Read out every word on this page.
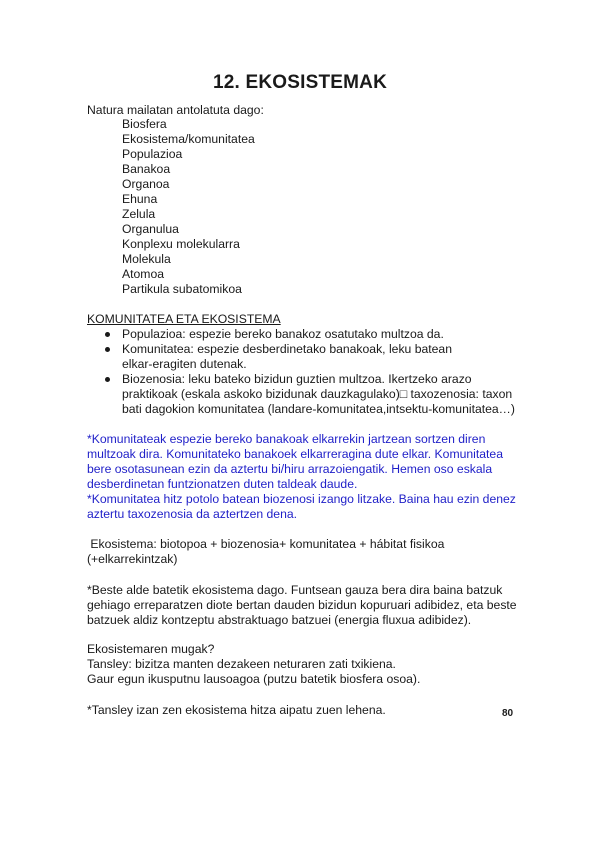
12. EKOSISTEMAK
Natura mailatan antolatuta dago:
Biosfera
Ekosistema/komunitatea
Populazioa
Banakoa
Organoa
Ehuna
Zelula
Organulua
Konplexu molekularra
Molekula
Atomoa
Partikula subatomikoa
KOMUNITATEA ETA EKOSISTEMA
Populazioa: espezie bereko banakoz osatutako multzoa da.
Komunitatea: espezie desberdinetako banakoak, leku batean
elkar-eragiten dutenak.
Biozenosia: leku bateko bizidun guztien multzoa. Ikertzeko arazo
praktikoak (eskala askoko bizidunak dauzkagulako)□ taxozenosia: taxon
bati dagokion komunitatea (landare-komunitatea,intsektu-komunitatea…)
*Komunitateak espezie bereko banakoak elkarrekin jartzean sortzen diren
multzoak dira. Komunitateko banakoek elkarreragina dute elkar. Komunitatea
bere osotasunean ezin da aztertu bi/hiru arrazoiengatik. Hemen oso eskala
desberdinetan funtzionatzen duten taldeak daude.
*Komunitatea hitz potolo batean biozenosi izango litzake. Baina hau ezin denez
aztertu taxozenosia da aztertzen dena.
Ekosistema: biotopoa + biozenosia+ komunitatea + hábitat fisikoa
(+elkarrekintzak)
*Beste alde batetik ekosistema dago. Funtsean gauza bera dira baina batzuk
gehiago erreparatzen diote bertan dauden bizidun kopuruari adibidez, eta beste
batzuek aldiz kontzeptu abstraktuago batzuei (energia fluxua adibidez).
Ekosistemaren mugak?
Tansley: bizitza manten dezakeen neturaren zati txikiena.
Gaur egun ikusputnu lausoagoa (putzu batetik biosfera osoa).
*Tansley izan zen ekosistema hitza aipatu zuen lehena.	80
